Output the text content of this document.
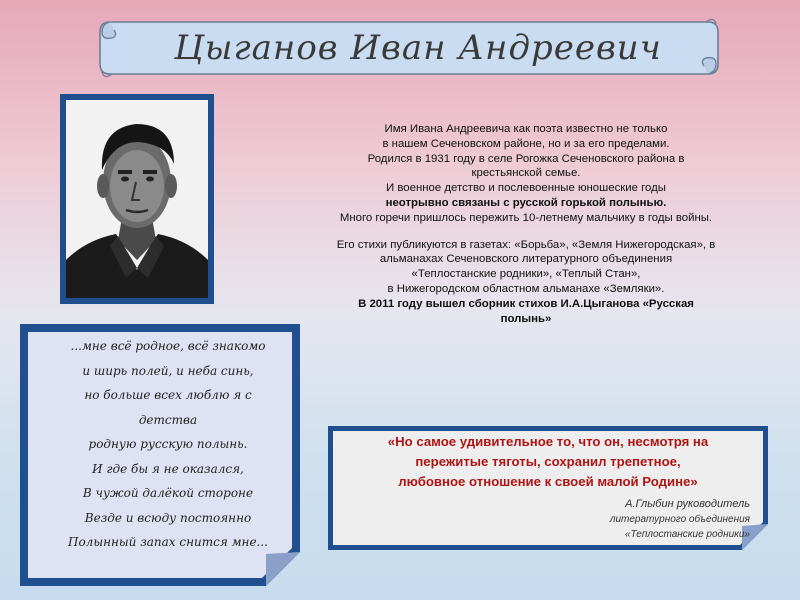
Цыганов Иван Андреевич

Имя Ивана Андреевича как поэта известно не только

в нашем Сеченовском районе, но и за его пределами.

Родился в 1931 году в селе Рогожка Сеченовского района в

крестьянской семье.

И военное детство и послевоенные юношеские годы

неотрывно связаны с русской горькой полынью.

Много горечи пришлось пережить 10-летнему мальчику в годы войны.

Его стихи публикуются в газетах: «Борьба», «Земля Нижегородская», в

альманахах Сеченовского литературного объединения

«Теплостанские родники», «Теплый Стан»,

в Нижегородском областном альманахе «Земляки».

В 2011 году вышел сборник стихов И.А.Цыганова «Русская

полынь»

...мне всё родное, всё знакомо
и ширь полей, и неба синь,
но больше всех люблю я с
детства
родную русскую полынь.
И где бы я не оказался,
В чужой далёкой стороне
Везде и всюду постоянно
Полынный запах снится мне...
«Но самое удивительное то, что он, несмотря на
пережитые тяготы, сохранил трепетное,
любовное отношение к своей малой Родине»
А.Глыбин руководитель
литературного объединения
«Теплостанские родники»
